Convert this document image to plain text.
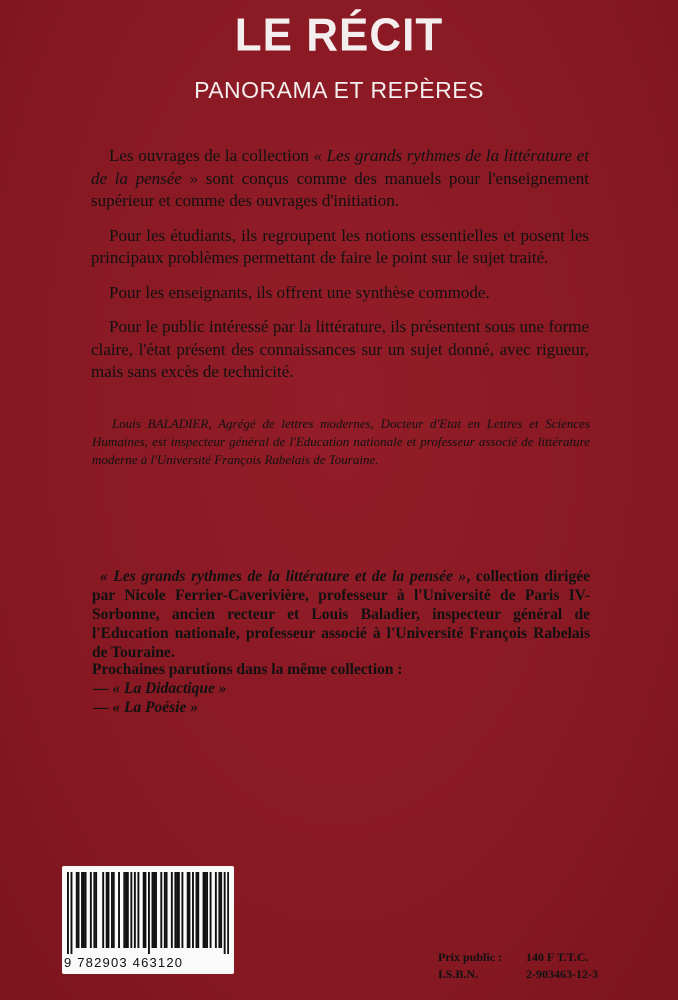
LE RÉCIT
PANORAMA ET REPÈRES

Les ouvrages de la collection « Les grands rythmes de la littérature et de la pensée » sont conçus comme des manuels pour l'enseignement supérieur et comme des ouvrages d'initiation.

Pour les étudiants, ils regroupent les notions essentielles et posent les principaux problèmes permettant de faire le point sur le sujet traité.

Pour les enseignants, ils offrent une synthèse commode.

Pour le public intéressé par la littérature, ils présentent sous une forme claire, l'état présent des connaissances sur un sujet donné, avec rigueur, mais sans excès de technicité.

Louis BALADIER, Agrégé de lettres modernes, Docteur d'Etat en Lettres et Sciences Humaines, est inspecteur général de l'Education nationale et professeur associé de littérature moderne à l'Université François Rabelais de Touraine.

« Les grands rythmes de la littérature et de la pensée », collection dirigée par Nicole Ferrier-Caverivière, professeur à l'Université de Paris IV-Sorbonne, ancien recteur et Louis Baladier, inspecteur général de l'Education nationale, professeur associé à l'Université François Rabelais de Touraine.

Prochaines parutions dans la même collection :
— « La Didactique »
— « La Poésie »
9 782903 463120	Prix public :	140 F T.T.C.
I.S.B.N.	2-903463-12-3
